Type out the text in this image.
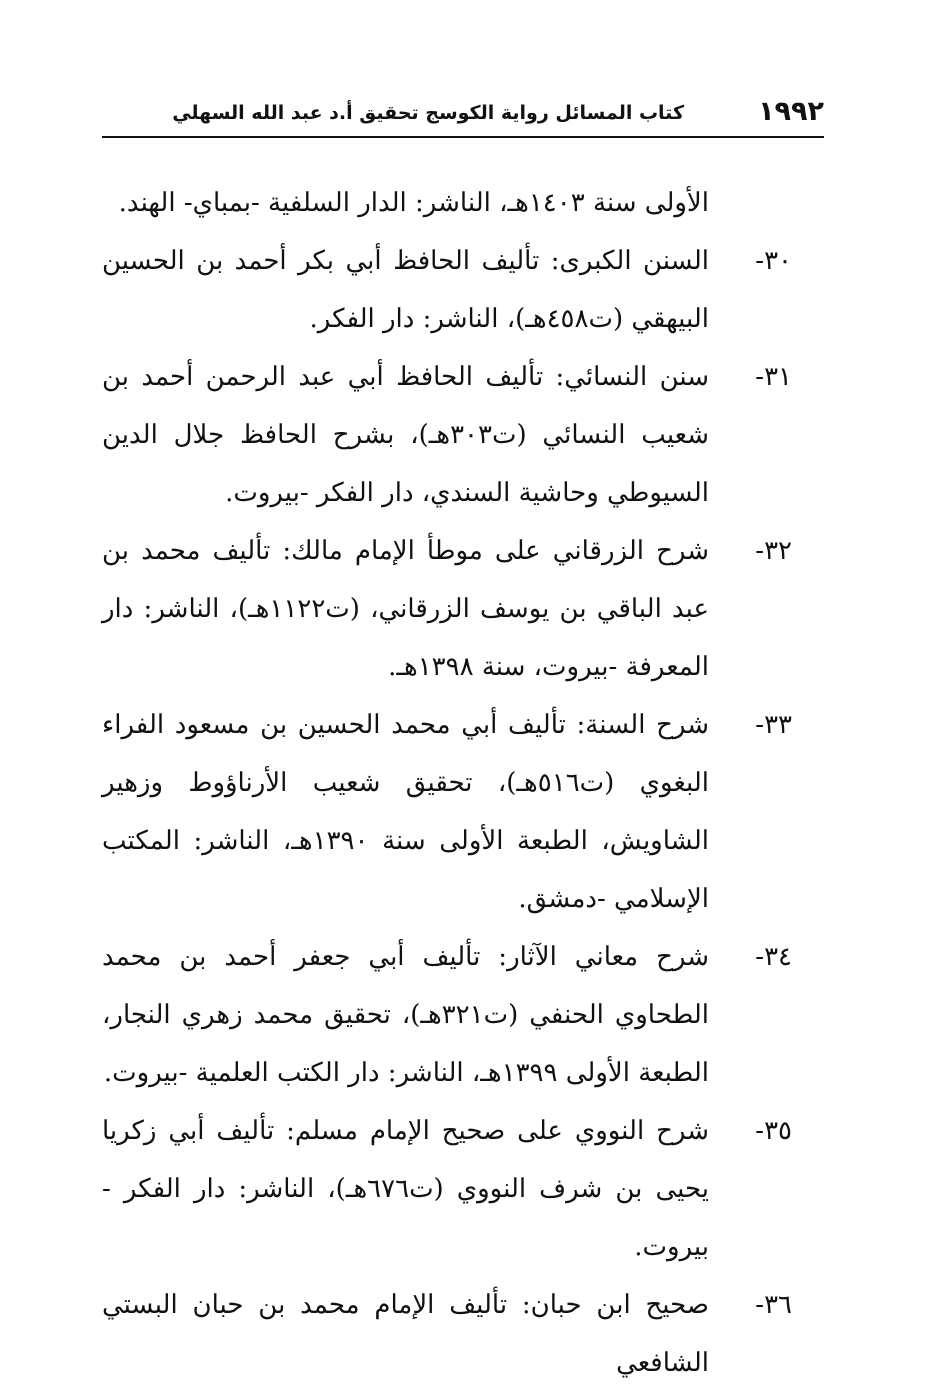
١٩٩٢
كتاب المسائل رواية الكوسج تحقيق أ.د عبد الله السهلي
الأولى سنة ١٤٠٣هـ، الناشر: الدار السلفية -بمباي- الهند.
٣٠-
السنن الكبرى: تأليف الحافظ أبي بكر أحمد بن الحسين البيهقي (ت٤٥٨هـ)، الناشر: دار الفكر.
٣١-
سنن النسائي: تأليف الحافظ أبي عبد الرحمن أحمد بن شعيب النسائي (ت٣٠٣هـ)، بشرح الحافظ جلال الدين السيوطي وحاشية السندي، دار الفكر -بيروت.
٣٢-
شرح الزرقاني على موطأ الإمام مالك: تأليف محمد بن عبد الباقي بن يوسف الزرقاني، (ت١١٢٢هـ)، الناشر: دار المعرفة -بيروت، سنة ١٣٩٨هـ.
٣٣-
شرح السنة: تأليف أبي محمد الحسين بن مسعود الفراء البغوي (ت٥١٦هـ)، تحقيق شعيب الأرناؤوط وزهير الشاويش، الطبعة الأولى سنة ١٣٩٠هـ، الناشر: المكتب الإسلامي -دمشق.
٣٤-
شرح معاني الآثار: تأليف أبي جعفر أحمد بن محمد الطحاوي الحنفي (ت٣٢١هـ)، تحقيق محمد زهري النجار، الطبعة الأولى ١٣٩٩هـ، الناشر: دار الكتب العلمية -بيروت.
٣٥-
شرح النووي على صحيح الإمام مسلم: تأليف أبي زكريا يحيى بن شرف النووي (ت٦٧٦هـ)، الناشر: دار الفكر - بيروت.
٣٦-
صحيح ابن حبان: تأليف الإمام محمد بن حبان البستي الشافعي
